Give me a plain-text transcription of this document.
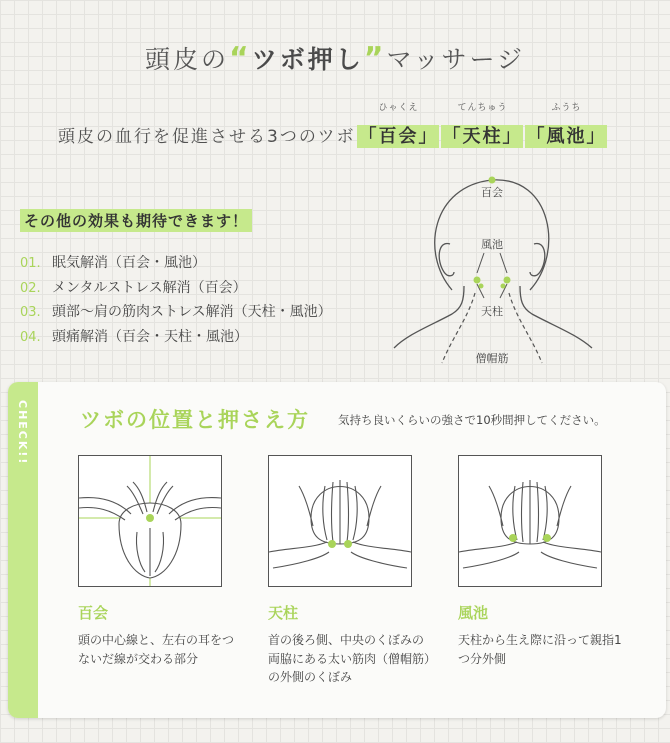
頭皮の“ツボ押し”マッサージ
頭皮の血行を促進させる3つのツボ
ひゃくえ
「百会」
てんちゅう
「天柱」
ふうち
「風池」
その他の効果も期待できます！
01. 眠気解消（百会・風池）
02. メンタルストレス解消（百会）
03. 頭部〜肩の筋肉ストレス解消（天柱・風池）
04. 頭痛解消（百会・天柱・風池）
百会
風池
天柱
僧帽筋
CHECK!! ツボの位置と押さえ方 気持ち良いくらいの強さで10秒間押してください。
百会
頭の中心線と、左右の耳をつないだ線が交わる部分
天柱
首の後ろ側、中央のくぼみの両脇にある太い筋肉（僧帽筋）の外側のくぼみ
風池
天柱から生え際に沿って親指1つ分外側
